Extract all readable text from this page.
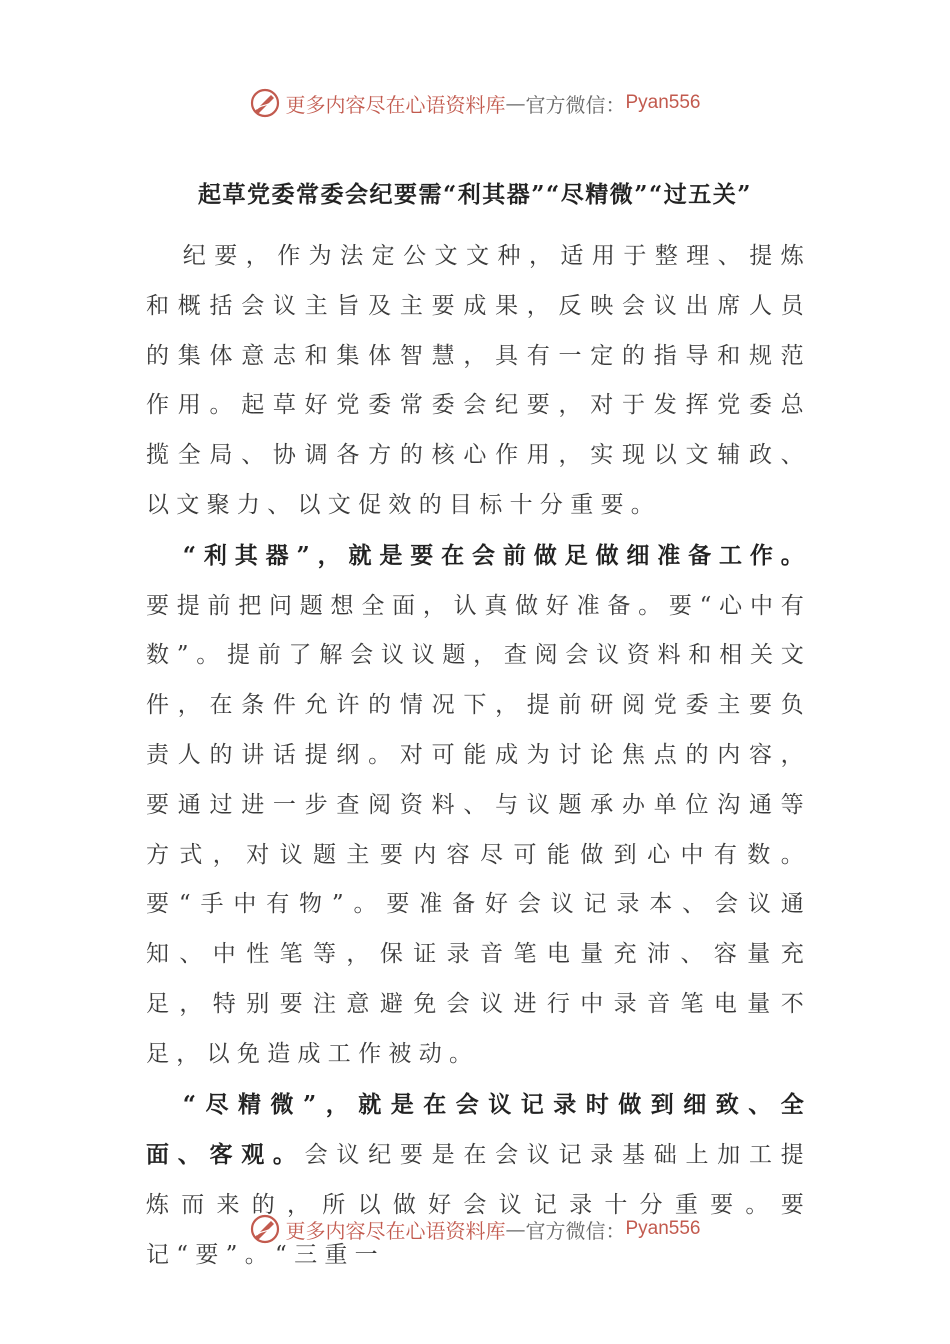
更多内容尽在心语资料库 — 官方微信： Pyan556
起草党委常委会纪要需“利其器”“尽精微”“过五关”

纪要，作为法定公文文种，适用于整理、提炼和概括会议主旨及主要成果，反映会议出席人员的集体意志和集体智慧，具有一定的指导和规范作用。起草好党委常委会纪要，对于发挥党委总揽全局、协调各方的核心作用，实现以文辅政、以文聚力、以文促效的目标十分重要。

“利其器”，就是要在会前做足做细准备工作。要提前把问题想全面，认真做好准备。要“心中有数”。提前了解会议议题，查阅会议资料和相关文件，在条件允许的情况下，提前研阅党委主要负责人的讲话提纲。对可能成为讨论焦点的内容，要通过进一步查阅资料、与议题承办单位沟通等方式，对议题主要内容尽可能做到心中有数。要“手中有物”。要准备好会议记录本、会议通知、中性笔等，保证录音笔电量充沛、容量充足，特别要注意避免会议进行中录音笔电量不足，以免造成工作被动。

“尽精微”，就是在会议记录时做到细致、全面、客观。会议纪要是在会议记录基础上加工提炼而来的，所以做好会议记录十分重要。要记“要”。“三重一

更多内容尽在心语资料库 — 官方微信： Pyan556
